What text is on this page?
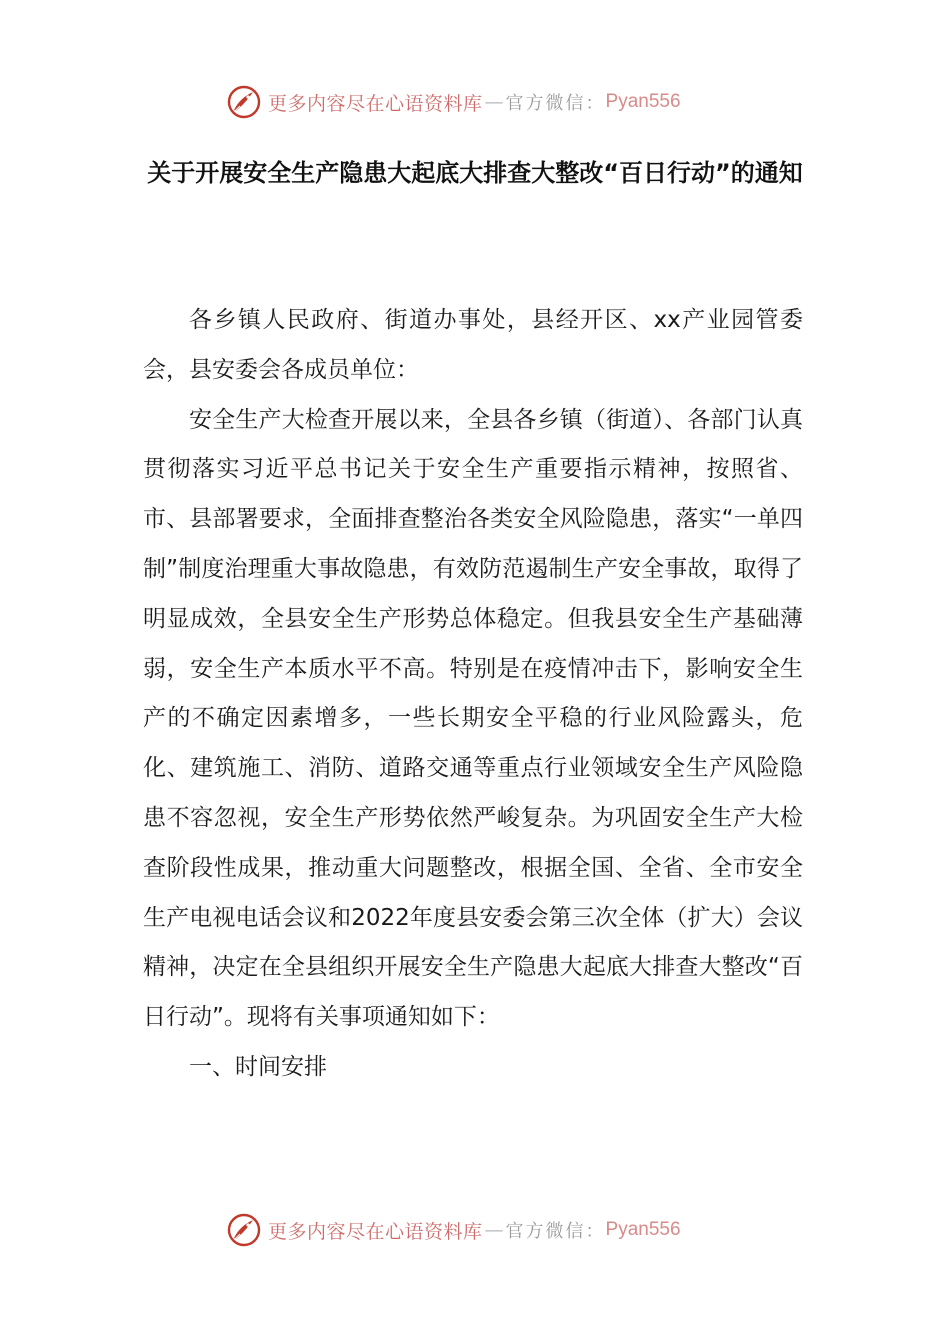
更多内容尽在心语资料库 — 官方微信： Pyan556
关于开展安全生产隐患大起底大排查大整改“百日行动”的通知

各乡镇人民政府、街道办事处，县经开区、xx产业园管委会，县安委会各成员单位：

安全生产大检查开展以来，全县各乡镇（街道）、各部门认真贯彻落实习近平总书记关于安全生产重要指示精神，按照省、市、县部署要求，全面排查整治各类安全风险隐患，落实“一单四制”制度治理重大事故隐患，有效防范遏制生产安全事故，取得了明显成效，全县安全生产形势总体稳定。但我县安全生产基础薄弱，安全生产本质水平不高。特别是在疫情冲击下，影响安全生产的不确定因素增多，一些长期安全平稳的行业风险露头，危化、建筑施工、消防、道路交通等重点行业领域安全生产风险隐患不容忽视，安全生产形势依然严峻复杂。为巩固安全生产大检查阶段性成果，推动重大问题整改，根据全国、全省、全市安全生产电视电话会议和2022年度县安委会第三次全体（扩大）会议精神，决定在全县组织开展安全生产隐患大起底大排查大整改“百日行动”。现将有关事项通知如下：

一、时间安排

更多内容尽在心语资料库 — 官方微信： Pyan556
